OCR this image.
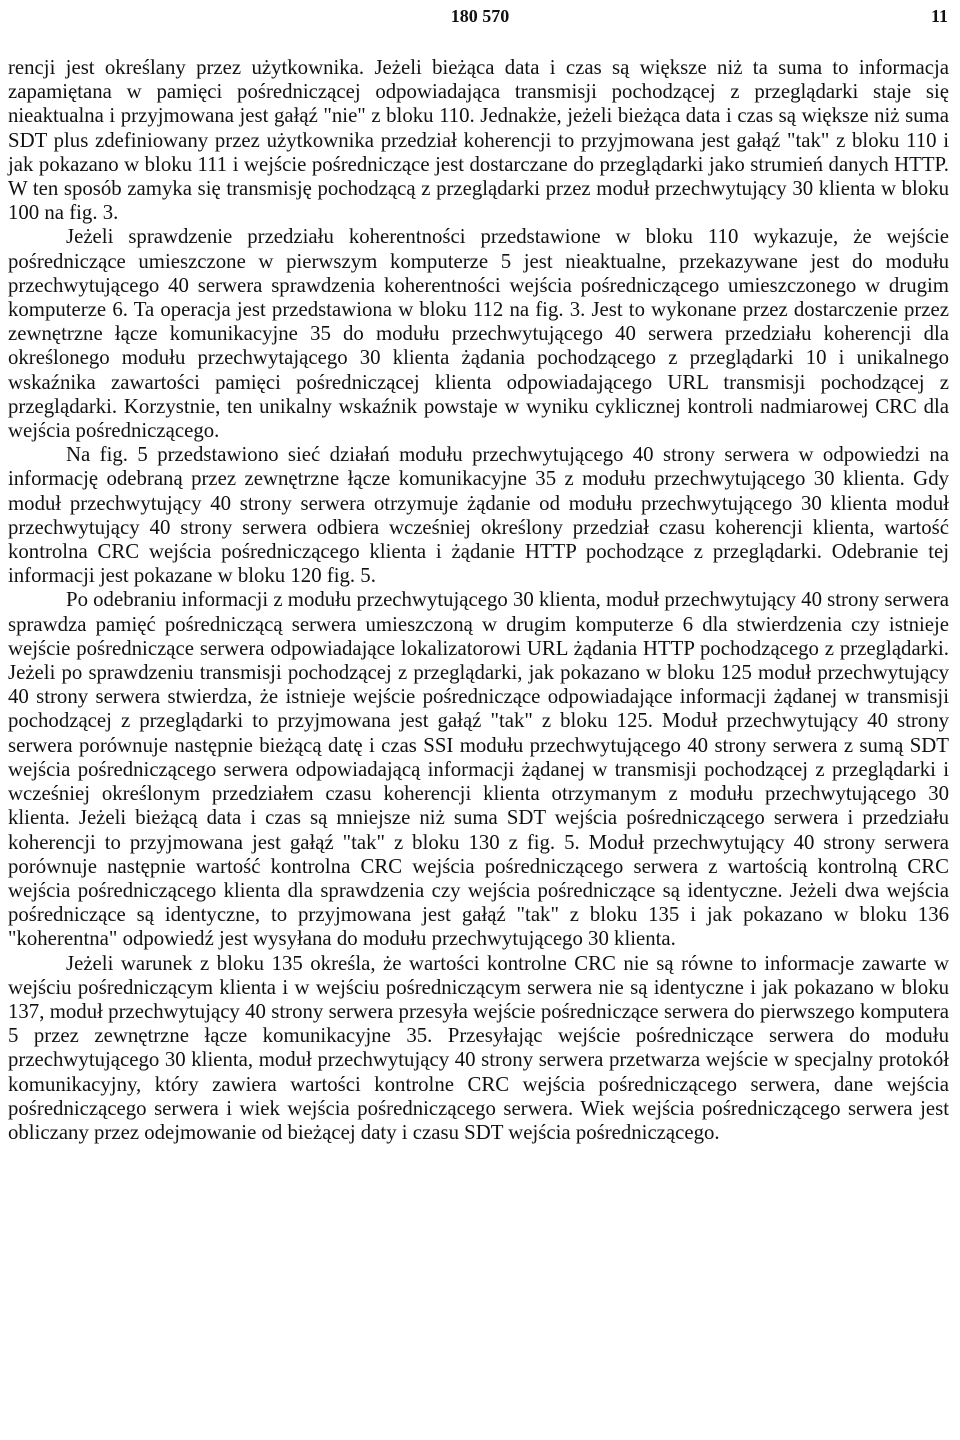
180 570	11

rencji jest określany przez użytkownika. Jeżeli bieżąca data i czas są większe niż ta suma to informacja zapamiętana w pamięci pośredniczącej odpowiadająca transmisji pochodzącej z przeglądarki staje się nieaktualna i przyjmowana jest gałąź "nie" z bloku 110. Jednakże, jeżeli bieżąca data i czas są większe niż suma SDT plus zdefiniowany przez użytkownika przedział koherencji to przyjmowana jest gałąź "tak" z bloku 110 i jak pokazano w bloku 111 i wejście pośredniczące jest dostarczane do przeglądarki jako strumień danych HTTP. W ten sposób zamyka się transmisję pochodzącą z przeglądarki przez moduł przechwytujący 30 klienta w bloku 100 na fig. 3.

Jeżeli sprawdzenie przedziału koherentności przedstawione w bloku 110 wykazuje, że wejście pośredniczące umieszczone w pierwszym komputerze 5 jest nieaktualne, przekazywane jest do modułu przechwytującego 40 serwera sprawdzenia koherentności wejścia pośredniczącego umieszczonego w drugim komputerze 6. Ta operacja jest przedstawiona w bloku 112 na fig. 3. Jest to wykonane przez dostarczenie przez zewnętrzne łącze komunikacyjne 35 do modułu przechwytującego 40 serwera przedziału koherencji dla określonego modułu przechwytającego 30 klienta żądania pochodzącego z przeglądarki 10 i unikalnego wskaźnika zawartości pamięci pośredniczącej klienta odpowiadającego URL transmisji pochodzącej z przeglądarki. Korzystnie, ten unikalny wskaźnik powstaje w wyniku cyklicznej kontroli nadmiarowej CRC dla wejścia pośredniczącego.

Na fig. 5 przedstawiono sieć działań modułu przechwytującego 40 strony serwera w odpowiedzi na informację odebraną przez zewnętrzne łącze komunikacyjne 35 z modułu przechwytującego 30 klienta. Gdy moduł przechwytujący 40 strony serwera otrzymuje żądanie od modułu przechwytującego 30 klienta moduł przechwytujący 40 strony serwera odbiera wcześniej określony przedział czasu koherencji klienta, wartość kontrolna CRC wejścia pośredniczącego klienta i żądanie HTTP pochodzące z przeglądarki. Odebranie tej informacji jest pokazane w bloku 120 fig. 5.

Po odebraniu informacji z modułu przechwytującego 30 klienta, moduł przechwytujący 40 strony serwera sprawdza pamięć pośredniczącą serwera umieszczoną w drugim komputerze 6 dla stwierdzenia czy istnieje wejście pośredniczące serwera odpowiadające lokalizatorowi URL żądania HTTP pochodzącego z przeglądarki. Jeżeli po sprawdzeniu transmisji pochodzącej z przeglądarki, jak pokazano w bloku 125 moduł przechwytujący 40 strony serwera stwierdza, że istnieje wejście pośredniczące odpowiadające informacji żądanej w transmisji pochodzącej z przeglądarki to przyjmowana jest gałąź "tak" z bloku 125. Moduł przechwytujący 40 strony serwera porównuje następnie bieżącą datę i czas SSI modułu przechwytującego 40 strony serwera z sumą SDT wejścia pośredniczącego serwera odpowiadającą informacji żądanej w transmisji pochodzącej z przeglądarki i wcześniej określonym przedziałem czasu koherencji klienta otrzymanym z modułu przechwytującego 30 klienta. Jeżeli bieżącą data i czas są mniejsze niż suma SDT wejścia pośredniczącego serwera i przedziału koherencji to przyjmowana jest gałąź "tak" z bloku 130 z fig. 5. Moduł przechwytujący 40 strony serwera porównuje następnie wartość kontrolna CRC wejścia pośredniczącego serwera z wartością kontrolną CRC wejścia pośredniczącego klienta dla sprawdzenia czy wejścia pośredniczące są identyczne. Jeżeli dwa wejścia pośredniczące są identyczne, to przyjmowana jest gałąź "tak" z bloku 135 i jak pokazano w bloku 136 "koherentna" odpowiedź jest wysyłana do modułu przechwytującego 30 klienta.

Jeżeli warunek z bloku 135 określa, że wartości kontrolne CRC nie są równe to informacje zawarte w wejściu pośredniczącym klienta i w wejściu pośredniczącym serwera nie są identyczne i jak pokazano w bloku 137, moduł przechwytujący 40 strony serwera przesyła wejście pośredniczące serwera do pierwszego komputera 5 przez zewnętrzne łącze komunikacyjne 35. Przesyłając wejście pośredniczące serwera do modułu przechwytującego 30 klienta, moduł przechwytujący 40 strony serwera przetwarza wejście w specjalny protokół komunikacyjny, który zawiera wartości kontrolne CRC wejścia pośredniczącego serwera, dane wejścia pośredniczącego serwera i wiek wejścia pośredniczącego serwera. Wiek wejścia pośredniczącego serwera jest obliczany przez odejmowanie od bieżącej daty i czasu SDT wejścia pośredniczącego.
